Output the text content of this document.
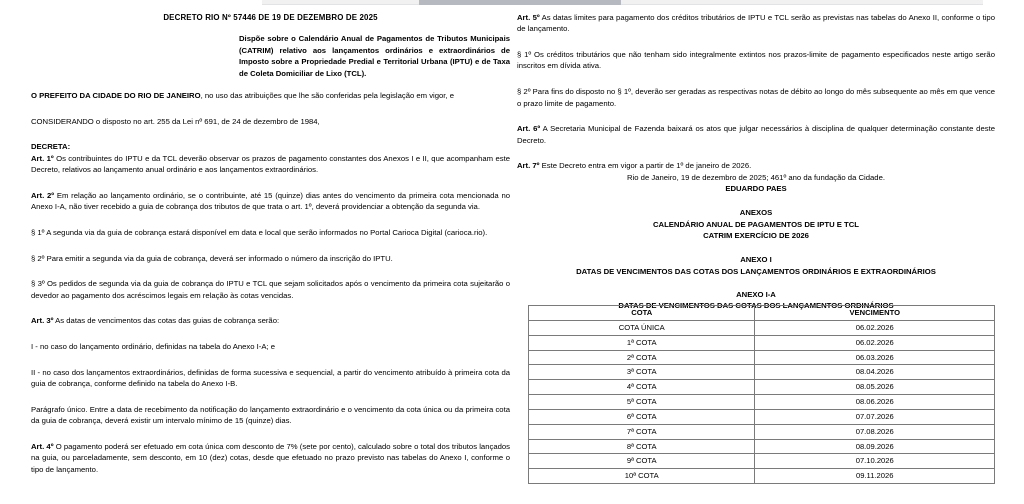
DECRETO RIO Nº 57446 DE 19 DE DEZEMBRO DE 2025
Dispõe sobre o Calendário Anual de Pagamentos de Tributos Municipais (CATRIM) relativo aos lançamentos ordinários e extraordinários de Imposto sobre a Propriedade Predial e Territorial Urbana (IPTU) e de Taxa de Coleta Domiciliar de Lixo (TCL).

O PREFEITO DA CIDADE DO RIO DE JANEIRO, no uso das atribuições que lhe são conferidas pela legislação em vigor, e

CONSIDERANDO o disposto no art. 255 da Lei nº 691, de 24 de dezembro de 1984,

DECRETA:

Art. 1º Os contribuintes do IPTU e da TCL deverão observar os prazos de pagamento constantes dos Anexos I e II, que acompanham este Decreto, relativos ao lançamento anual ordinário e aos lançamentos extraordinários.

Art. 2º Em relação ao lançamento ordinário, se o contribuinte, até 15 (quinze) dias antes do vencimento da primeira cota mencionada no Anexo I-A, não tiver recebido a guia de cobrança dos tributos de que trata o art. 1º, deverá providenciar a obtenção da segunda via.

§ 1º A segunda via da guia de cobrança estará disponível em data e local que serão informados no Portal Carioca Digital (carioca.rio).

§ 2º Para emitir a segunda via da guia de cobrança, deverá ser informado o número da inscrição do IPTU.

§ 3º Os pedidos de segunda via da guia de cobrança do IPTU e TCL que sejam solicitados após o vencimento da primeira cota sujeitarão o devedor ao pagamento dos acréscimos legais em relação às cotas vencidas.

Art. 3º As datas de vencimentos das cotas das guias de cobrança serão:

I - no caso do lançamento ordinário, definidas na tabela do Anexo I-A; e

II - no caso dos lançamentos extraordinários, definidas de forma sucessiva e sequencial, a partir do vencimento atribuído à primeira cota da guia de cobrança, conforme definido na tabela do Anexo I-B.

Parágrafo único. Entre a data de recebimento da notificação do lançamento extraordinário e o vencimento da cota única ou da primeira cota da guia de cobrança, deverá existir um intervalo mínimo de 15 (quinze) dias.

Art. 4º O pagamento poderá ser efetuado em cota única com desconto de 7% (sete por cento), calculado sobre o total dos tributos lançados na guia, ou parceladamente, sem desconto, em 10 (dez) cotas, desde que efetuado no prazo previsto nas tabelas do Anexo I, conforme o tipo de lançamento.

Art. 5º As datas limites para pagamento dos créditos tributários de IPTU e TCL serão as previstas nas tabelas do Anexo II, conforme o tipo de lançamento.

§ 1º Os créditos tributários que não tenham sido integralmente extintos nos prazos-limite de pagamento especificados neste artigo serão inscritos em dívida ativa.

§ 2º Para fins do disposto no § 1º, deverão ser geradas as respectivas notas de débito ao longo do mês subsequente ao mês em que vence o prazo limite de pagamento.

Art. 6º A Secretaria Municipal de Fazenda baixará os atos que julgar necessários à disciplina de qualquer determinação constante deste Decreto.

Art. 7º Este Decreto entra em vigor a partir de 1º de janeiro de 2026.

Rio de Janeiro, 19 de dezembro de 2025; 461º ano da fundação da Cidade.

EDUARDO PAES

ANEXOS

CALENDÁRIO ANUAL DE PAGAMENTOS DE IPTU E TCL

CATRIM EXERCÍCIO DE 2026

ANEXO I

DATAS DE VENCIMENTOS DAS COTAS DOS LANÇAMENTOS ORDINÁRIOS E EXTRAORDINÁRIOS

ANEXO I-A

DATAS DE VENCIMENTOS DAS COTAS DOS LANÇAMENTOS ORDINÁRIOS

COTA	VENCIMENTO
COTA ÚNICA	06.02.2026
1ª COTA	06.02.2026
2ª COTA	06.03.2026
3ª COTA	08.04.2026
4ª COTA	08.05.2026
5ª COTA	08.06.2026
6ª COTA	07.07.2026
7ª COTA	07.08.2026
8ª COTA	08.09.2026
9ª COTA	07.10.2026
10ª COTA	09.11.2026
